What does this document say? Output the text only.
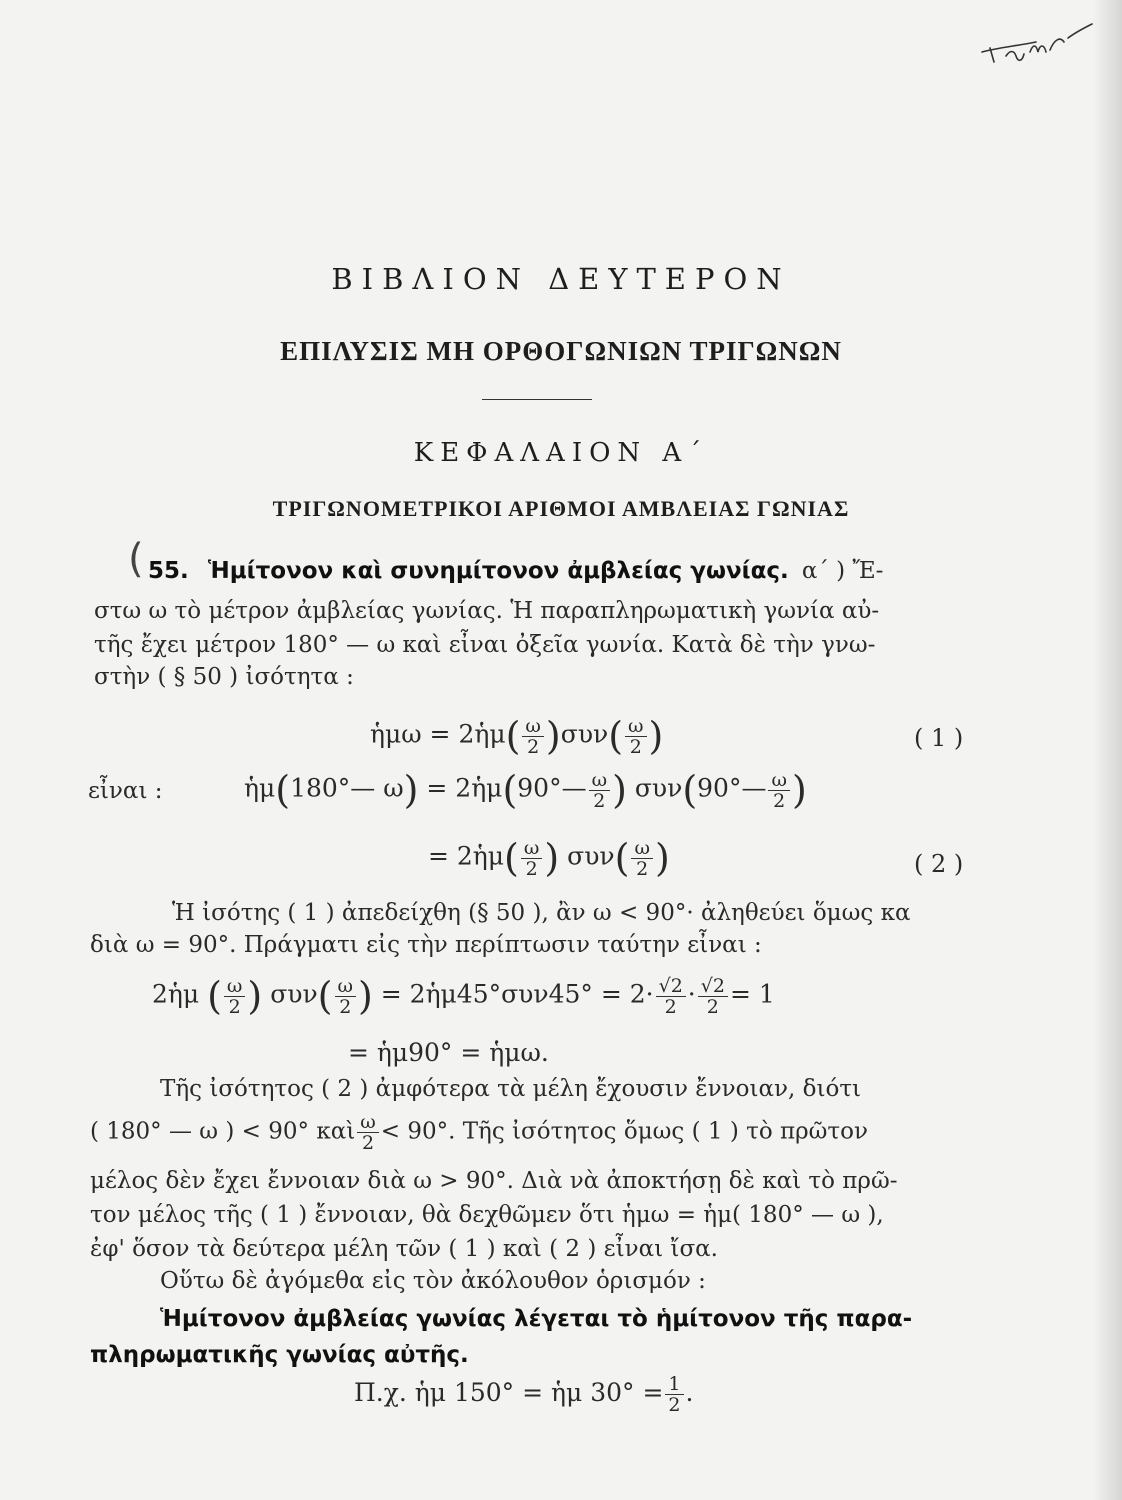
ΒΙΒΛΙΟΝ ΔΕΥΤΕΡΟΝ
ΕΠΙΛΥΣΙΣ ΜΗ ΟΡΘΟΓΩΝΙΩΝ ΤΡΙΓΩΝΩΝ
ΚΕΦΑΛΑΙΟΝ Α΄
ΤΡΙΓΩΝΟΜΕΤΡΙΚΟΙ ΑΡΙΘΜΟΙ ΑΜΒΛΕΙΑΣ ΓΩΝΙΑΣ
( 55. Ἡμίτονον καὶ συνημίτονον ἀμβλείας γωνίας. α΄ ) Ἔ-
στω ω τὸ μέτρον ἀμβλείας γωνίας. Ἡ παραπληρωματικὴ γωνία αὐ-
τῆς ἔχει μέτρον 180° — ω καὶ εἶναι ὀξεῖα γωνία. Κατὰ δὲ τὴν γνω-
στὴν ( § 50 ) ἰσότητα :
ἡμω = 2ἡμ( $\frac{\omega}{2} )\sigma\upsilon\nu( \frac{\omega}{2}$ )	( 1 )
εἶναι :	ἡμ(180°— ω) = 2ἡμ(90°— $\frac{\omega}{2}$ ) συν(90°— $\frac{\omega}{2}$ )
= 2ἡμ( $\frac{\omega}{2}$ ) $\sigma\upsilon\nu( \frac{\omega}{2}$ )	( 2 )
Ἡ ἰσότης ( 1 ) ἀπεδείχθη (§ 50 ), ἂν ω < 90°· ἀληθεύει ὅμως κα
διὰ ω = 90°. Πράγματι εἰς τὴν περίπτωσιν ταύτην εἶναι :
2ἡμ ( $\frac{\omega}{2}$ ) $\sigma\upsilon\nu( \frac{\omega}{2}$ ) = 2ἡμ45°συν45° = $2\cdot \frac{√2}{2} \cdot \frac{√2}{2} = 1$
= ἡμ90° = ἡμω.
Τῆς ἰσότητος ( 2 ) ἀμφότερα τὰ μέλη ἔχουσιν ἔννοιαν, διότι
( 180° — ω ) < 90° καὶ $\frac{\omega}{2} < 90^\circ$. Τῆς ἰσότητος ὅμως ( 1 ) τὸ πρῶτον
μέλος δὲν ἔχει ἔννοιαν διὰ ω > 90°. Διὰ νὰ ἀποκτήσῃ δὲ καὶ τὸ πρῶ-
τον μέλος τῆς ( 1 ) ἔννοιαν, θὰ δεχθῶμεν ὅτι ἡμω = ἡμ( 180° — ω ),
ἐφ' ὅσον τὰ δεύτερα μέλη τῶν ( 1 ) καὶ ( 2 ) εἶναι ἴσα.
Οὕτω δὲ ἀγόμεθα εἰς τὸν ἀκόλουθον ὁρισμόν :
Ἡμίτονον ἀμβλείας γωνίας λέγεται τὸ ἡμίτονον τῆς παρα-
πληρωματικῆς γωνίας αὐτῆς.
Π.χ. ἡμ 150° = ἡμ $30^\circ = \frac{1}{2}$ .
